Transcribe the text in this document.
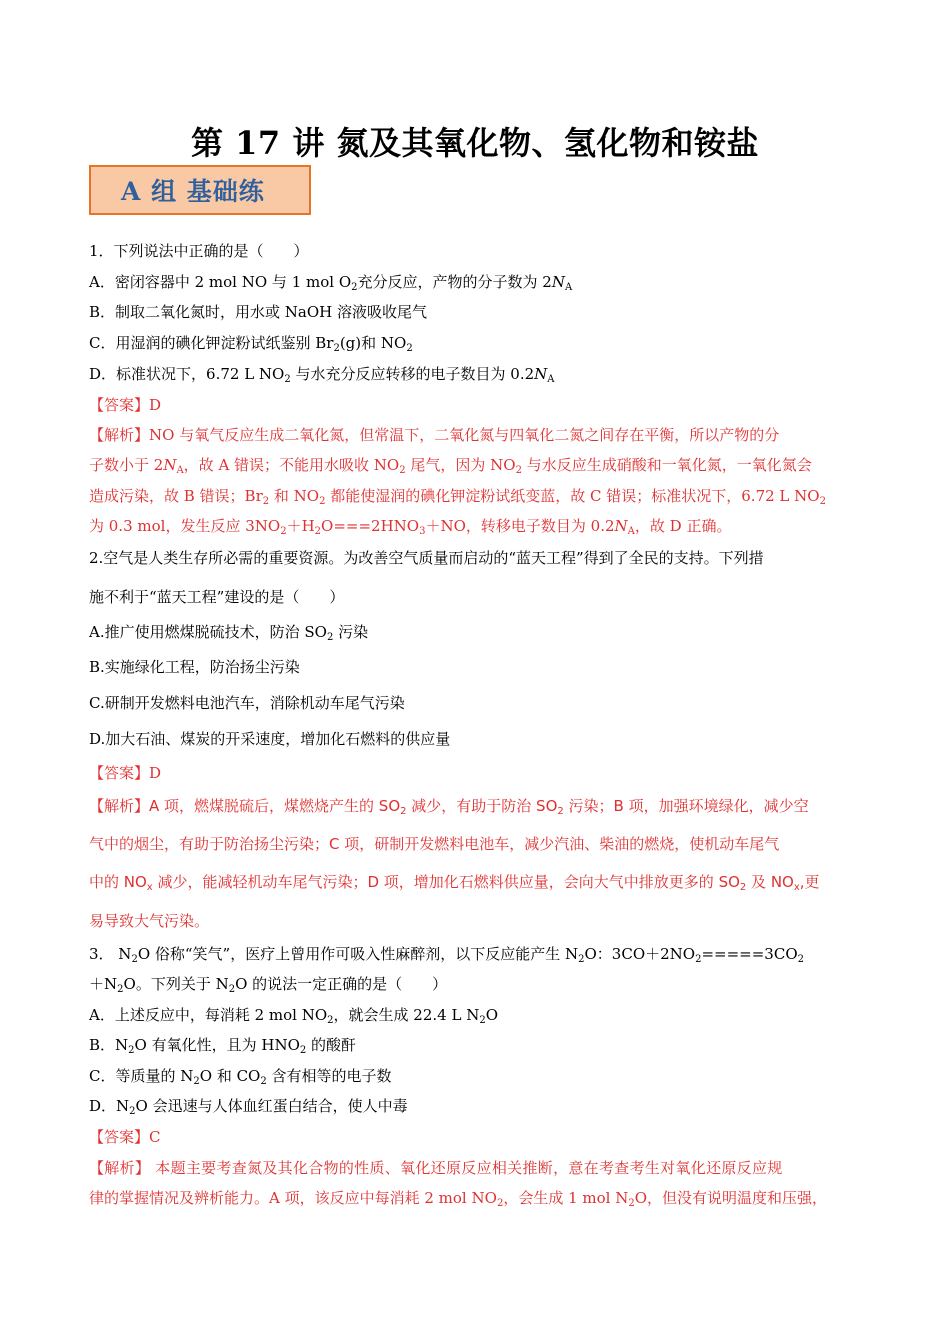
第 17 讲 氮及其氧化物、氢化物和铵盐
A 组 基础练
1．下列说法中正确的是（　　）
A．密闭容器中 2 mol NO 与 1 mol $O_2$充分反应，产物的分子数为 $2N_A$
B．制取二氧化氮时，用水或 NaOH 溶液吸收尾气
C．用湿润的碘化钾淀粉试纸鉴别 $Br_2(g)$和 $NO_2$
D．标准状况下，6.72 L $NO_2$ 与水充分反应转移的电子数目为 $0.2N_A$
【答案】D
【解析】NO 与氧气反应生成二氧化氮，但常温下，二氧化氮与四氧化二氮之间存在平衡，所以产物的分
子数小于 $2N_A$，故 A 错误；不能用水吸收 $NO_2$ 尾气，因为 $NO_2$ 与水反应生成硝酸和一氧化氮，一氧化氮会
造成污染，故 B 错误；$Br_2$ 和 $NO_2$ 都能使湿润的碘化钾淀粉试纸变蓝，故 C 错误；标准状况下，6.72 L $NO_2$
为 0.3 mol，发生反应 $3NO_2+H_2O===2HNO_3+NO$，转移电子数目为 $0.2N_A$，故 D 正确。
2.空气是人类生存所必需的重要资源。为改善空气质量而启动的“蓝天工程”得到了全民的支持。下列措
施不利于“蓝天工程”建设的是（　　）
A.推广使用燃煤脱硫技术，防治 $SO_2$ 污染
B.实施绿化工程，防治扬尘污染
C.研制开发燃料电池汽车，消除机动车尾气污染
D.加大石油、煤炭的开采速度，增加化石燃料的供应量
【答案】D
【解析】A 项，燃煤脱硫后，煤燃烧产生的 $SO_2$ 减少，有助于防治 $SO_2$ 污染；B 项，加强环境绿化，减少空
气中的烟尘，有助于防治扬尘污染；C 项，研制开发燃料电池车，减少汽油、柴油的燃烧，使机动车尾气
中的 $NO_x$ 减少，能减轻机动车尾气污染；D 项，增加化石燃料供应量，会向大气中排放更多的 $SO_2$ 及 $NO_x$,更
易导致大气污染。
3． $N_2O$ 俗称“笑气”，医疗上曾用作可吸入性麻醉剂，以下反应能产生 $N_2O$：$3CO+2NO_2=====3CO_2$
$+N_2O$。下列关于 $N_2O$ 的说法一定正确的是（　　）
A．上述反应中，每消耗 2 mol $NO_2$，就会生成 22.4 L $N_2O$
B．$N_2O$ 有氧化性，且为 $HNO_2$ 的酸酐
C．等质量的 $N_2O$ 和 $CO_2$ 含有相等的电子数
D．$N_2O$ 会迅速与人体血红蛋白结合，使人中毒
【答案】C
【解析】 本题主要考查氮及其化合物的性质、氧化还原反应相关推断，意在考查考生对氧化还原反应规
律的掌握情况及辨析能力。A 项，该反应中每消耗 2 mol $NO_2$，会生成 1 mol $N_2O$，但没有说明温度和压强，
